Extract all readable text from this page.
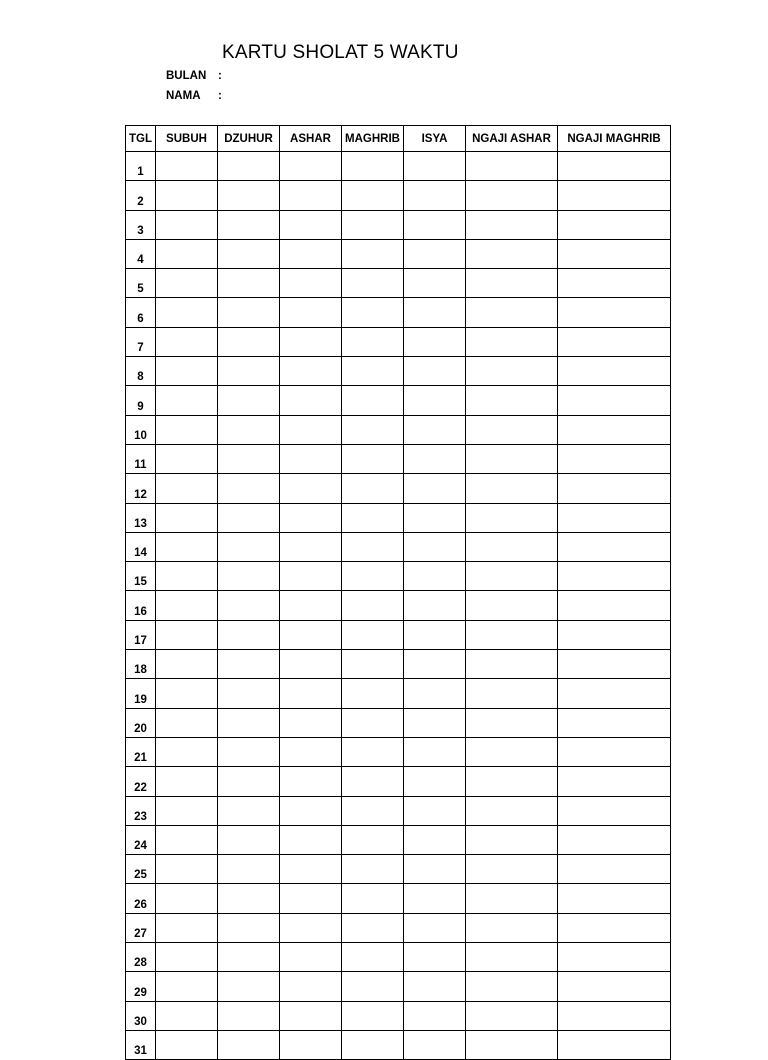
KARTU SHOLAT 5 WAKTU
BULAN :
NAMA :
TGL	SUBUH	DZUHUR	ASHAR	MAGHRIB	ISYA	NGAJI ASHAR	NGAJI MAGHRIB
1							
2							
3							
4							
5							
6							
7							
8							
9							
10							
11							
12							
13							
14							
15							
16							
17							
18							
19							
20							
21							
22							
23							
24							
25							
26							
27							
28							
29							
30							
31							
